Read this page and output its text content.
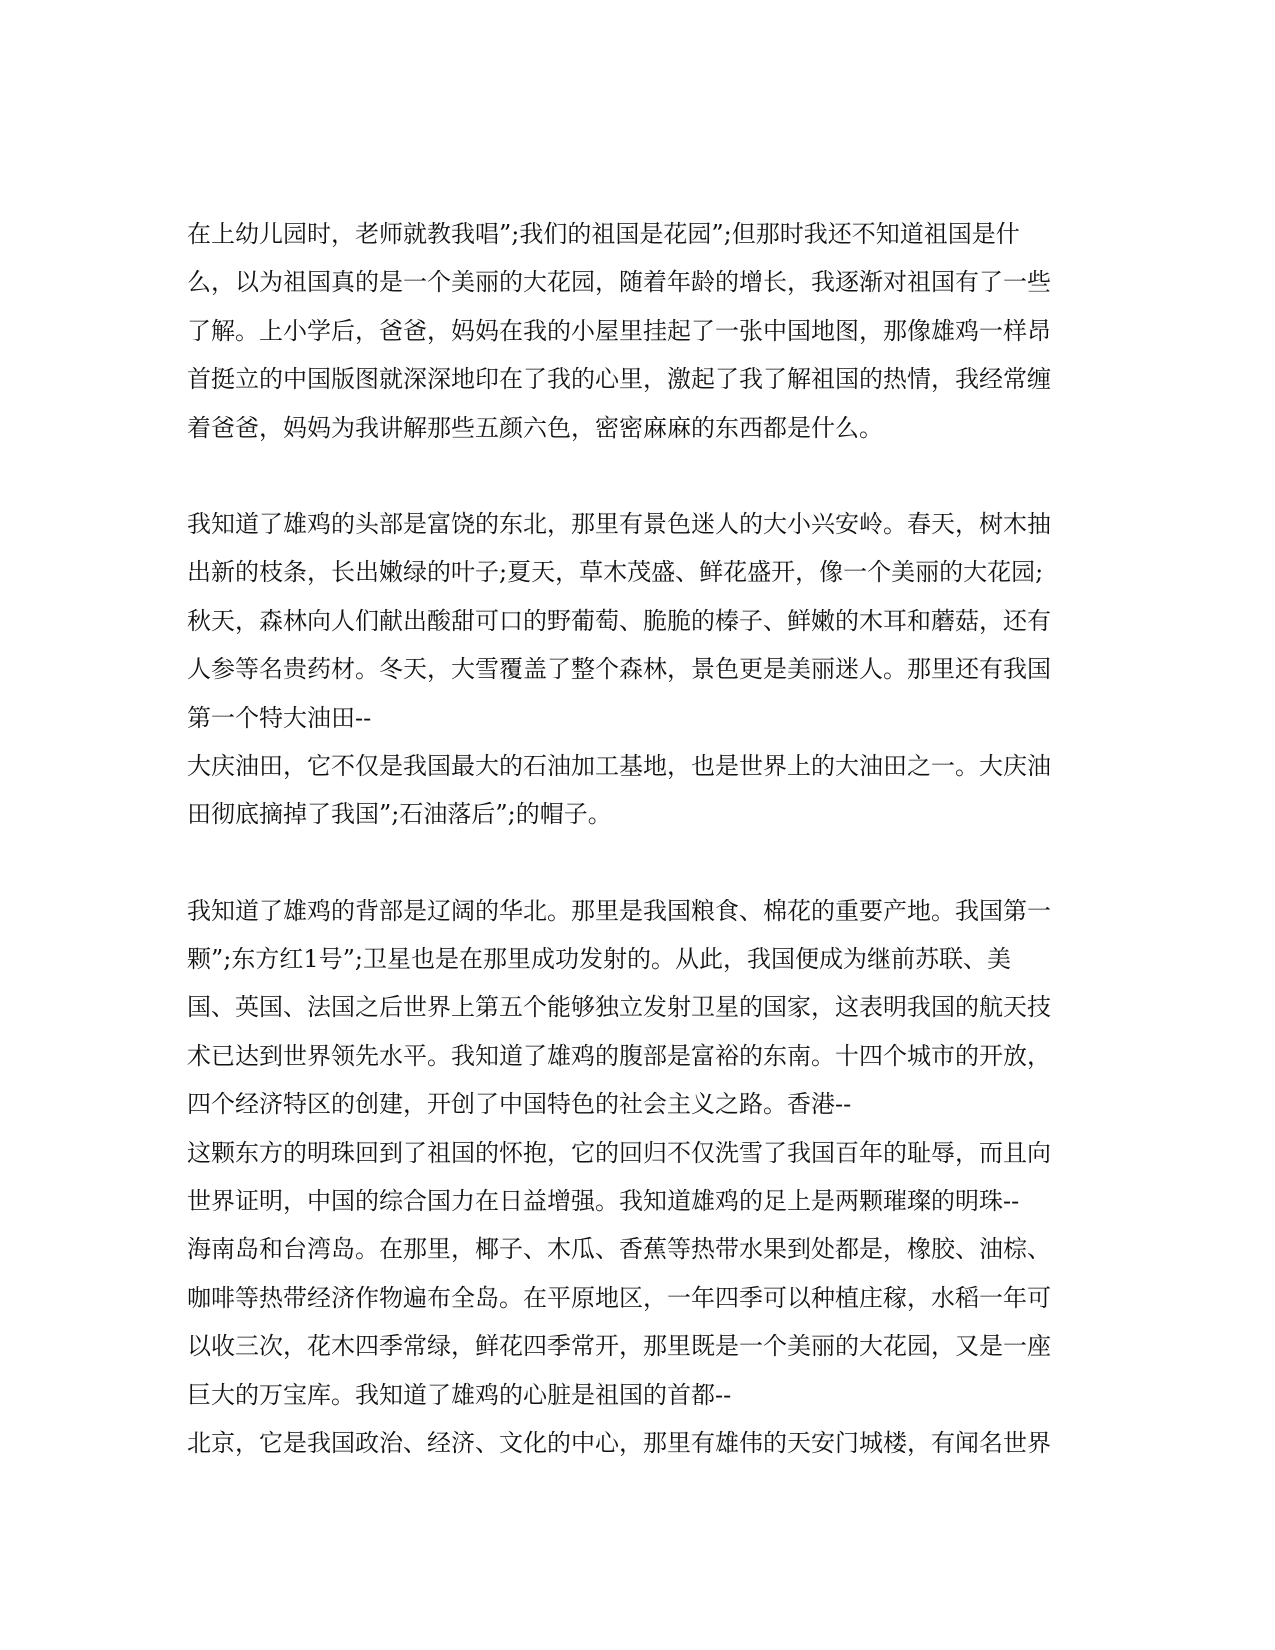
在上幼儿园时，老师就教我唱”;我们的祖国是花园”;但那时我还不知道祖国是什
么，以为祖国真的是一个美丽的大花园，随着年龄的增长，我逐渐对祖国有了一些
了解。上小学后，爸爸，妈妈在我的小屋里挂起了一张中国地图，那像雄鸡一样昂
首挺立的中国版图就深深地印在了我的心里，激起了我了解祖国的热情，我经常缠
着爸爸，妈妈为我讲解那些五颜六色，密密麻麻的东西都是什么。
我知道了雄鸡的头部是富饶的东北，那里有景色迷人的大小兴安岭。春天，树木抽
出新的枝条，长出嫩绿的叶子;夏天，草木茂盛、鲜花盛开，像一个美丽的大花园;
秋天，森林向人们献出酸甜可口的野葡萄、脆脆的榛子、鲜嫩的木耳和蘑菇，还有
人参等名贵药材。冬天，大雪覆盖了整个森林，景色更是美丽迷人。那里还有我国
第一个特大油田--
大庆油田，它不仅是我国最大的石油加工基地，也是世界上的大油田之一。大庆油
田彻底摘掉了我国”;石油落后”;的帽子。
我知道了雄鸡的背部是辽阔的华北。那里是我国粮食、棉花的重要产地。我国第一
颗”;东方红1号”;卫星也是在那里成功发射的。从此，我国便成为继前苏联、美
国、英国、法国之后世界上第五个能够独立发射卫星的国家，这表明我国的航天技
术已达到世界领先水平。我知道了雄鸡的腹部是富裕的东南。十四个城市的开放，
四个经济特区的创建，开创了中国特色的社会主义之路。香港--
这颗东方的明珠回到了祖国的怀抱，它的回归不仅洗雪了我国百年的耻辱，而且向
世界证明，中国的综合国力在日益增强。我知道雄鸡的足上是两颗璀璨的明珠--
海南岛和台湾岛。在那里，椰子、木瓜、香蕉等热带水果到处都是，橡胶、油棕、
咖啡等热带经济作物遍布全岛。在平原地区，一年四季可以种植庄稼，水稻一年可
以收三次，花木四季常绿，鲜花四季常开，那里既是一个美丽的大花园，又是一座
巨大的万宝库。我知道了雄鸡的心脏是祖国的首都--
北京，它是我国政治、经济、文化的中心，那里有雄伟的天安门城楼，有闻名世界
